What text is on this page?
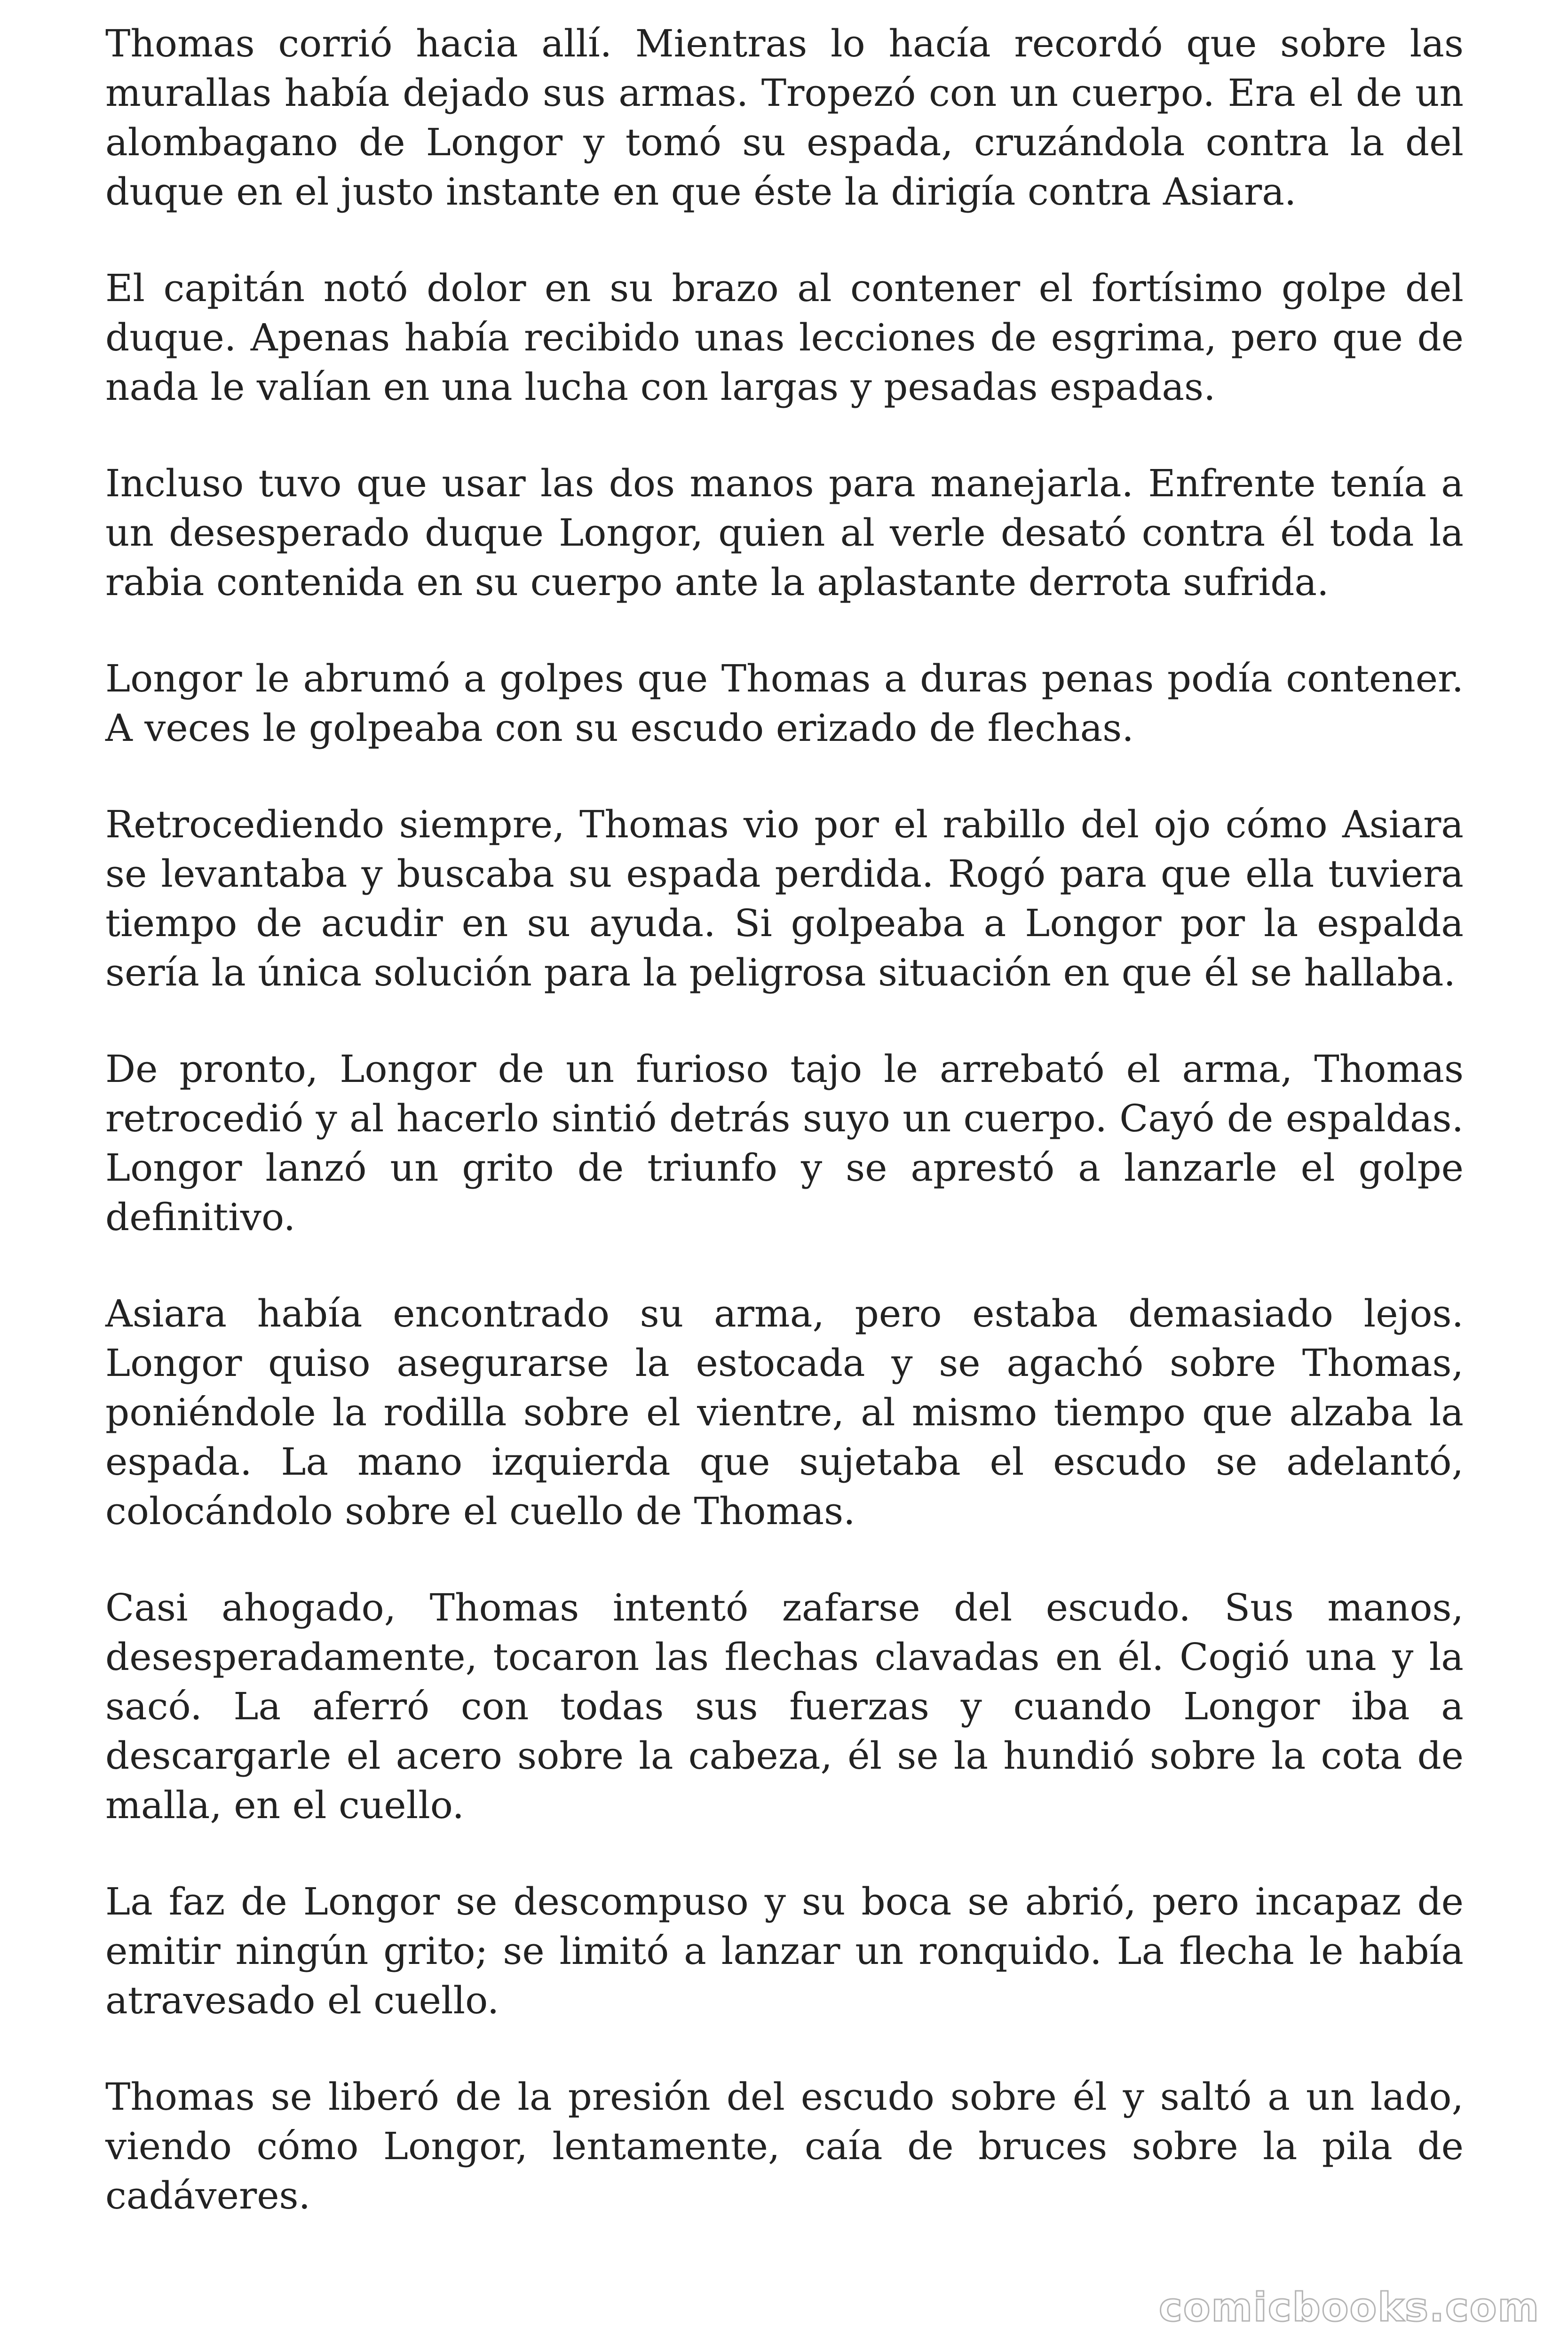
Thomas corrió hacia allí. Mientras lo hacía recordó que sobre las murallas había dejado sus armas. Tropezó con un cuerpo. Era el de un alombagano de Longor y tomó su espada, cruzándola contra la del duque en el justo instante en que éste la dirigía contra Asiara.

El capitán notó dolor en su brazo al contener el fortísimo golpe del duque. Apenas había recibido unas lecciones de esgrima, pero que de nada le valían en una lucha con largas y pesadas espadas.

Incluso tuvo que usar las dos manos para manejarla. Enfrente tenía a un desesperado duque Longor, quien al verle desató contra él toda la rabia contenida en su cuerpo ante la aplastante derrota sufrida.

Longor le abrumó a golpes que Thomas a duras penas podía contener. A veces le golpeaba con su escudo erizado de flechas.

Retrocediendo siempre, Thomas vio por el rabillo del ojo cómo Asiara se levantaba y buscaba su espada perdida. Rogó para que ella tuviera tiempo de acudir en su ayuda. Si golpeaba a Longor por la espalda sería la única solución para la peligrosa situación en que él se hallaba.

De pronto, Longor de un furioso tajo le arrebató el arma, Thomas retrocedió y al hacerlo sintió detrás suyo un cuerpo. Cayó de espaldas. Longor lanzó un grito de triunfo y se aprestó a lanzarle el golpe definitivo.

Asiara había encontrado su arma, pero estaba demasiado lejos. Longor quiso asegurarse la estocada y se agachó sobre Thomas, poniéndole la rodilla sobre el vientre, al mismo tiempo que alzaba la espada. La mano izquierda que sujetaba el escudo se adelantó, colocándolo sobre el cuello de Thomas.

Casi ahogado, Thomas intentó zafarse del escudo. Sus manos, desesperadamente, tocaron las flechas clavadas en él. Cogió una y la sacó. La aferró con todas sus fuerzas y cuando Longor iba a descargarle el acero sobre la cabeza, él se la hundió sobre la cota de malla, en el cuello.

La faz de Longor se descompuso y su boca se abrió, pero incapaz de emitir ningún grito; se limitó a lanzar un ronquido. La flecha le había atravesado el cuello.

Thomas se liberó de la presión del escudo sobre él y saltó a un lado, viendo cómo Longor, lentamente, caía de bruces sobre la pila de cadáveres.

comicbooks.com
